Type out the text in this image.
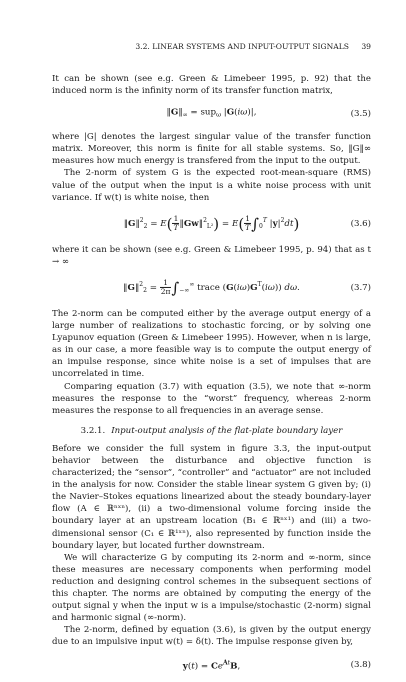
3.2. LINEAR SYSTEMS AND INPUT-OUTPUT SIGNALS 39

It can be shown (see e.g. Green & Limebeer 1995, p. 92) that the induced norm is the infinity norm of its transfer function matrix,

$‖G‖_\infty = sup_\omega$ |G(iω)|,	(3.5)

where |G| denotes the largest singular value of the transfer function matrix. Moreover, this norm is finite for all stable systems. So, ‖G‖∞ measures how much energy is transfered from the input to the output.

The 2-norm of system G is the expected root-mean-square (RMS) value of the output when the input is a white noise process with unit variance. If w(t) is white noise, then

‖G‖$^2_2$ = $E( \frac{1}{T}$ ‖Gw‖$^2_{L^2}$) = $E( \frac{1}{T} \int_0^T$ $|y|^2dt$)	(3.6)

where it can be shown (see e.g. Green & Limebeer 1995, p. 94) that as t → ∞

‖G‖$^2_2$ = $\frac{1}{2\pi} \int_{-\infty}^\infty$ trace $(G(i\omega)G^T(i\omega))$ dω.	(3.7)

The 2-norm can be computed either by the average output energy of a large number of realizations to stochastic forcing, or by solving one Lyapunov equation (Green & Limebeer 1995). However, when n is large, as in our case, a more feasible way is to compute the output energy of an impulse response, since white noise is a set of impulses that are uncorrelated in time.

Comparing equation (3.7) with equation (3.5), we note that ∞-norm measures the response to the “worst” frequency, whereas 2-norm measures the response to all frequencies in an average sense.

3.2.1. Input-output analysis of the flat-plate boundary layer

Before we consider the full system in figure 3.3, the input-output behavior between the disturbance and objective function is characterized; the “sensor”, “controller” and “actuator” are not included in the analysis for now. Consider the stable linear system G given by; (i) the Navier–Stokes equations linearized about the steady boundary-layer flow (A ∈ ℝⁿˣⁿ), (ii) a two-dimensional volume forcing inside the boundary layer at an upstream location (B₁ ∈ ℝⁿˣ¹) and (iii) a two-dimensional sensor (C₁ ∈ ℝ¹ˣⁿ), also represented by function inside the boundary layer, but located further downstream.

We will characterize G by computing its 2-norm and ∞-norm, since these measures are necessary components when performing model reduction and designing control schemes in the subsequent sections of this chapter. The norms are obtained by computing the energy of the output signal y when the input w is a impulse/stochastic (2-norm) signal and harmonic signal (∞-norm).

The 2-norm, defined by equation (3.6), is given by the output energy due to an impulsive input w(t) = δ(t). The impulse response given by,

$y(t) = Ce^{At}B$,	(3.8)
